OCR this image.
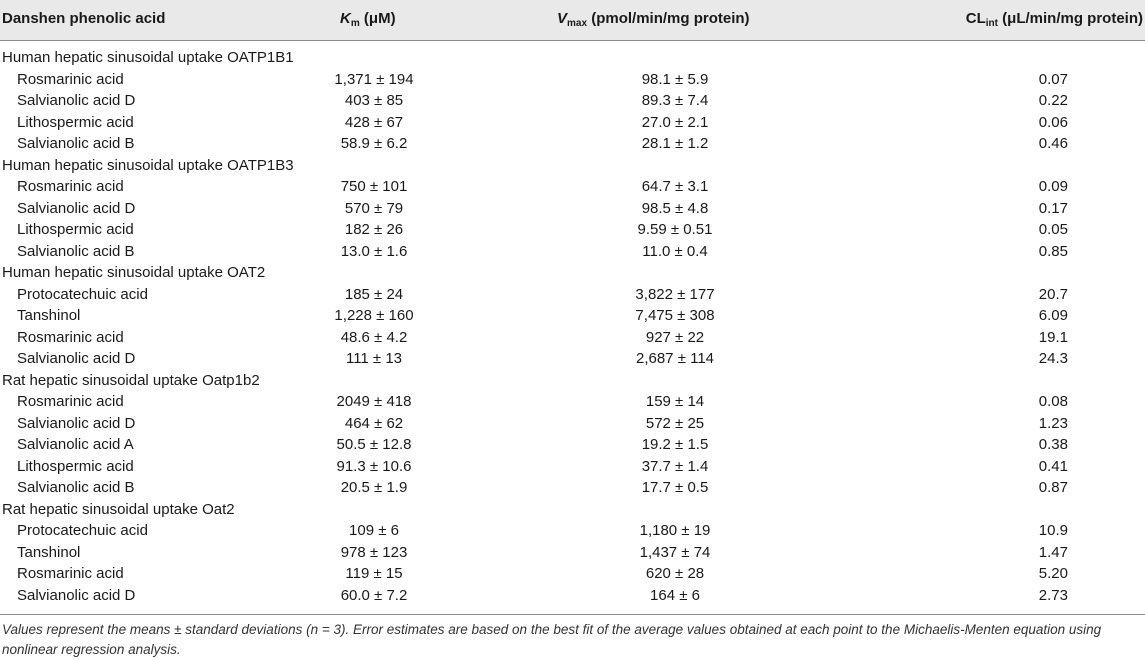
Danshen phenolic acid	$K_m$ (μM)	$V_{max}$ (pmol/min/mg protein)	$CL_{int}$ (μL/min/mg protein)
Human hepatic sinusoidal uptake OATP1B1
Rosmarinic acid	1,371 ± 194	98.1 ± 5.9	0.07
Salvianolic acid D	403 ± 85	89.3 ± 7.4	0.22
Lithospermic acid	428 ± 67	27.0 ± 2.1	0.06
Salvianolic acid B	58.9 ± 6.2	28.1 ± 1.2	0.46
Human hepatic sinusoidal uptake OATP1B3
Rosmarinic acid	750 ± 101	64.7 ± 3.1	0.09
Salvianolic acid D	570 ± 79	98.5 ± 4.8	0.17
Lithospermic acid	182 ± 26	9.59 ± 0.51	0.05
Salvianolic acid B	13.0 ± 1.6	11.0 ± 0.4	0.85
Human hepatic sinusoidal uptake OAT2
Protocatechuic acid	185 ± 24	3,822 ± 177	20.7
Tanshinol	1,228 ± 160	7,475 ± 308	6.09
Rosmarinic acid	48.6 ± 4.2	927 ± 22	19.1
Salvianolic acid D	111 ± 13	2,687 ± 114	24.3
Rat hepatic sinusoidal uptake Oatp1b2
Rosmarinic acid	2049 ± 418	159 ± 14	0.08
Salvianolic acid D	464 ± 62	572 ± 25	1.23
Salvianolic acid A	50.5 ± 12.8	19.2 ± 1.5	0.38
Lithospermic acid	91.3 ± 10.6	37.7 ± 1.4	0.41
Salvianolic acid B	20.5 ± 1.9	17.7 ± 0.5	0.87
Rat hepatic sinusoidal uptake Oat2
Protocatechuic acid	109 ± 6	1,180 ± 19	10.9
Tanshinol	978 ± 123	1,437 ± 74	1.47
Rosmarinic acid	119 ± 15	620 ± 28	5.20
Salvianolic acid D	60.0 ± 7.2	164 ± 6	2.73
Values represent the means ± standard deviations (n = 3). Error estimates are based on the best fit of the average values obtained at each point to the Michaelis-Menten equation using nonlinear regression analysis.
